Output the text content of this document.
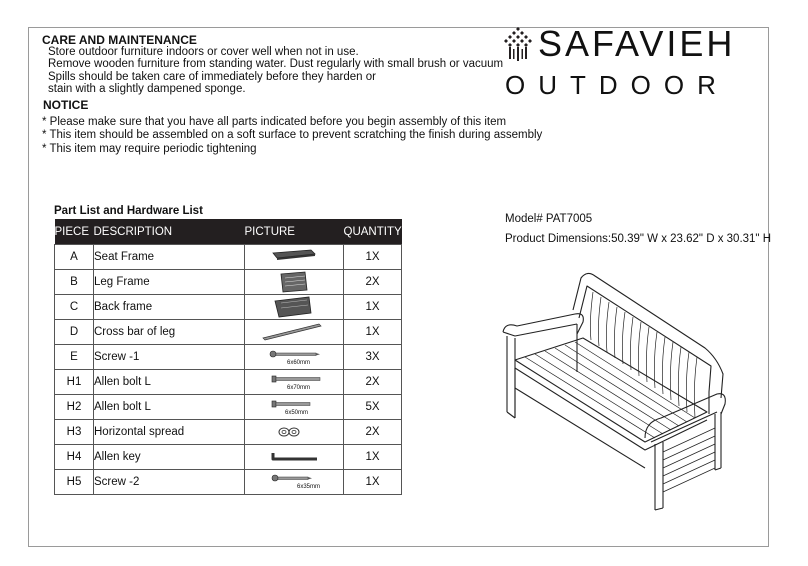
CARE AND MAINTENANCE
Store outdoor furniture indoors or cover well when not in use.
Remove wooden furniture from standing water. Dust regularly with small brush or vacuum
Spills should be taken care of immediately before they harden or
stain with a slightly dampened sponge.
NOTICE
* Please make sure that you have all parts indicated before you begin assembly of this item
* This item should be assembled on a soft surface to prevent scratching the finish during assembly
* This item may require periodic tightening
SAFAVIEH
OUTDOOR
Part List and Hardware List
PIECE	DESCRIPTION	PICTURE	QUANTITY
A	Seat Frame		1X
B	Leg Frame		2X
C	Back frame		1X
D	Cross bar of leg		1X
E	Screw -1	6x60mm	3X
H1	Allen bolt L	6x70mm	2X
H2	Allen bolt L	6x50mm	5X
H3	Horizontal spread		2X
H4	Allen key		1X
H5	Screw -2	6x35mm	1X
Model# PAT7005
Product Dimensions:50.39" W x 23.62" D x 30.31" H
